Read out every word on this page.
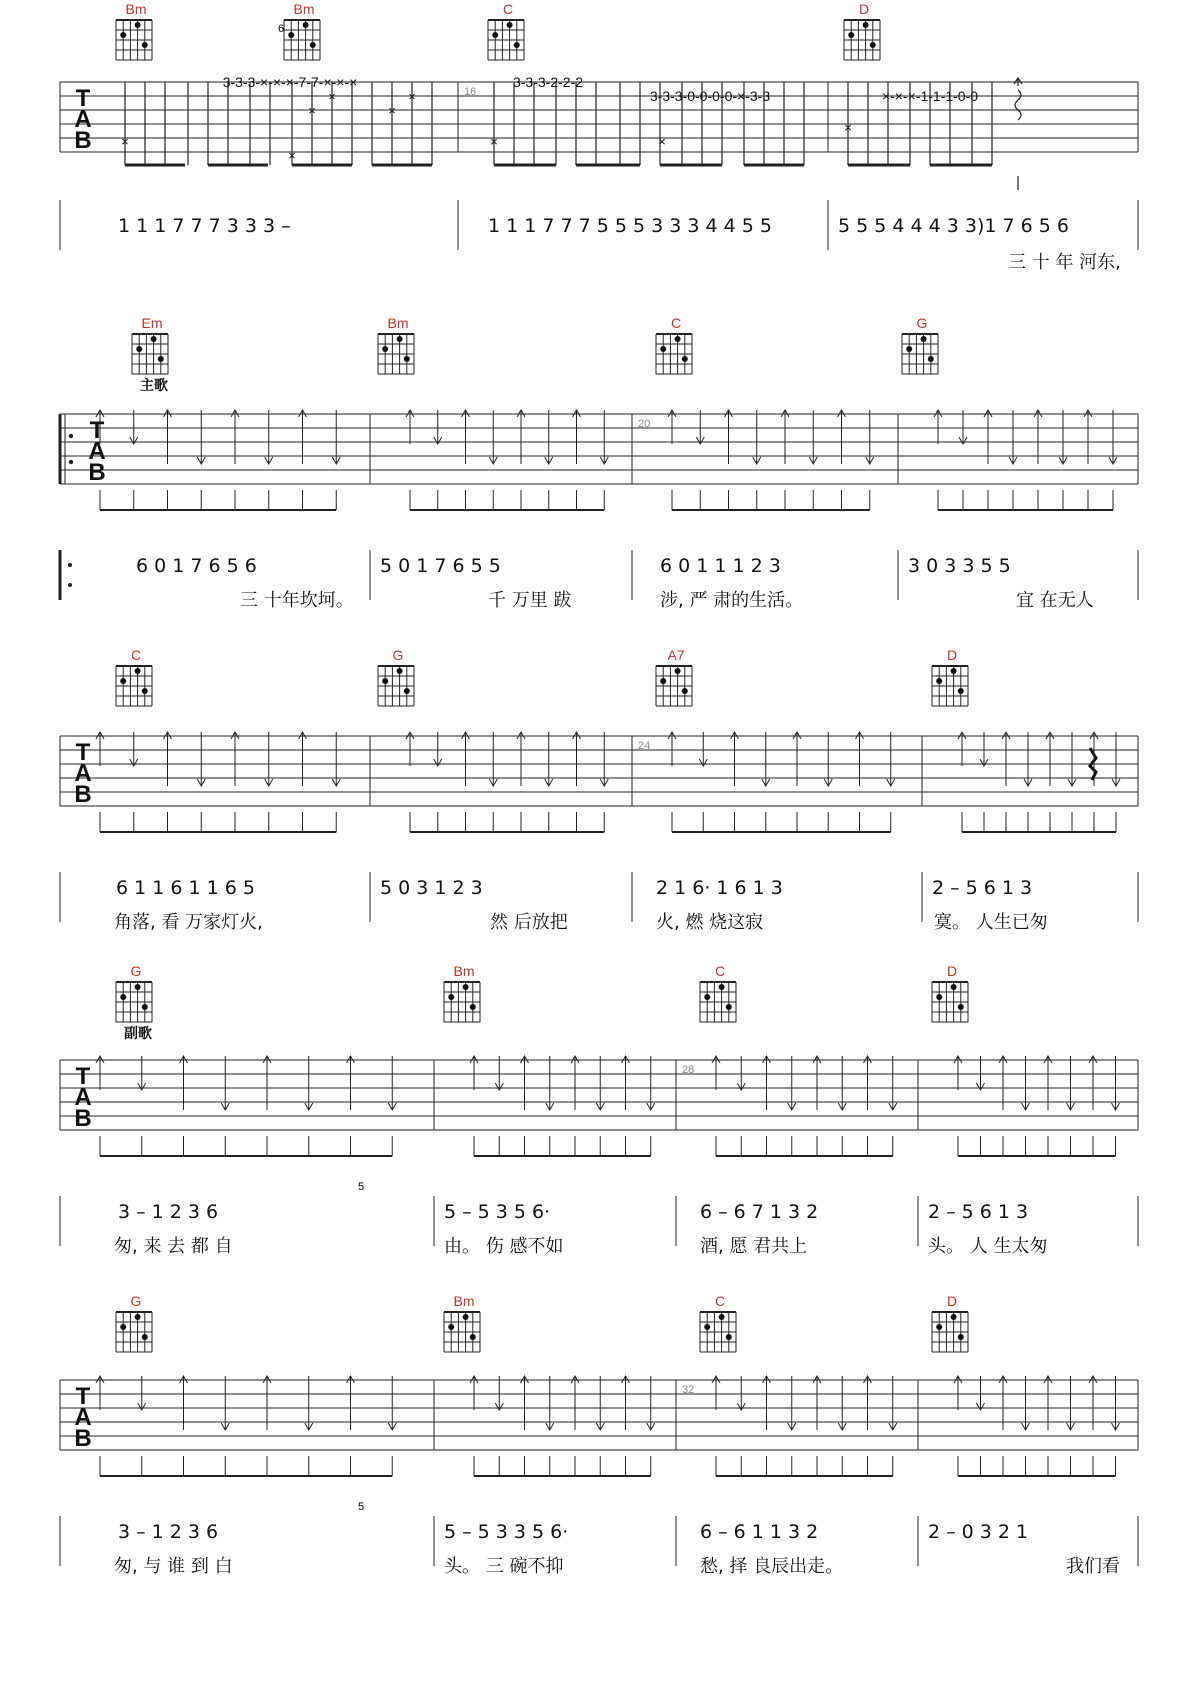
Bm	Bm
6
C	D
T
A
B
16
3-3-3-×-×-×-7-7-×-×-×	3-3-3-2-2-2
3-3-3-0-0-0-0-×-3-3	×-×-×-1-1-1-0-0
×
×
×
×
×
×
×	×
×
1 1 1 7 7 7 3 3 3 –	1 1 1 7 7 7 5 5 5 3 3 3 4 4 5 5	5 5 5 4 4 4 3 3)1 7 6 5 6
三 十 年 河东,
Em	Bm	C	G
主歌
T
A
B
20
6 0 1 7 6 5 6	5 0 1 7 6 5 5	6 0 1 1 1 2 3	3 0 3 3 5 5
三 十年坎坷。	千 万里 跋	涉, 严 肃的生活。	宜 在无人
C	G	A7	D
T
A
B
24
6 1 1 6 1 1 6 5	5 0 3 1 2 3	2 1 6· 1 6 1 3	2 – 5 6 1 3
角落, 看 万家灯火,	然 后放把	火, 燃 烧这寂	寞。 人生已匆
G	Bm	C	D
副歌
T
A
B
28
5
3 – 1 2 3 6	5 – 5 3 5 6·	6 – 6 7 1 3 2	2 – 5 6 1 3
匆, 来 去 都 自	由。 伤 感不如	酒, 愿 君共上	头。 人 生太匆
G	Bm	C	D
T
A
B
32
5
3 – 1 2 3 6	5 – 5 3 3 5 6·	6 – 6 1 1 3 2	2 – 0 3 2 1
匆, 与 谁 到 白	头。 三 碗不抑	愁, 择 良辰出走。	我们看
